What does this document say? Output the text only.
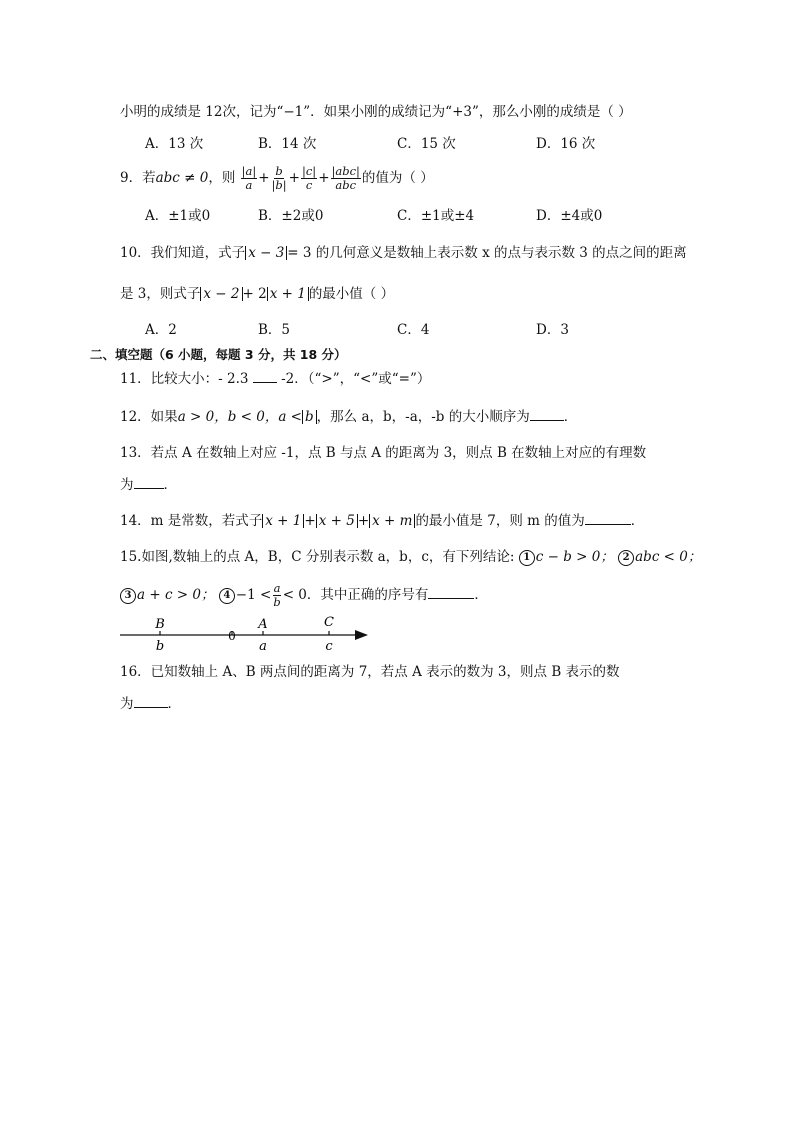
小明的成绩是 12次，记为“−1”．如果小刚的成绩记为“+3”，那么小刚的成绩是（ ）
A．13 次	B．14 次	C．15 次	D．16 次
9．若abc ≠ 0，则 $\frac{|a|}{a} + \frac{b}{|b|} + \frac{|c|}{c} + \frac{\text{|abc|}}{\text{abc}}$ 的值为（ ）
A．±1或0	B．±2或0	C．±1或±4	D．±4或0
10．我们知道，式子 x − 3 = 3 的几何意义是数轴上表示数 x 的点与表示数 3 的点之间的距离
是 3，则式子 x − 2 + 2 x + 1 的最小值（ ）
A．2	B．5	C．4	D．3
二、填空题（6 小题，每题 3 分，共 18 分）
11．比较大小：- 2.3 -2．（“>”，“<”或“=”）
12．如果a > 0，b < 0，a < b ，那么 a，b，-a，-b 的大小顺序为	．
13．若点 A 在数轴上对应 -1，点 B 与点 A 的距离为 3，则点 B 在数轴上对应的有理数
为 ．
14．m 是常数，若式子 x + 1 + x + 5 + x + m 的最小值是 7，则 m 的值为	．
15.如图,数轴上的点 A，B，C 分别表示数 a，b，c，有下列结论: 1 c − b > 0； 2 abc < 0；
3 a + c > 0； $4 -1 < \frac{a}{b} < 0$．其中正确的序号有	．
B	A	C
b
0
a	c
16．已知数轴上 A、B 两点间的距离为 7，若点 A 表示的数为 3，则点 B 表示的数
为	．
